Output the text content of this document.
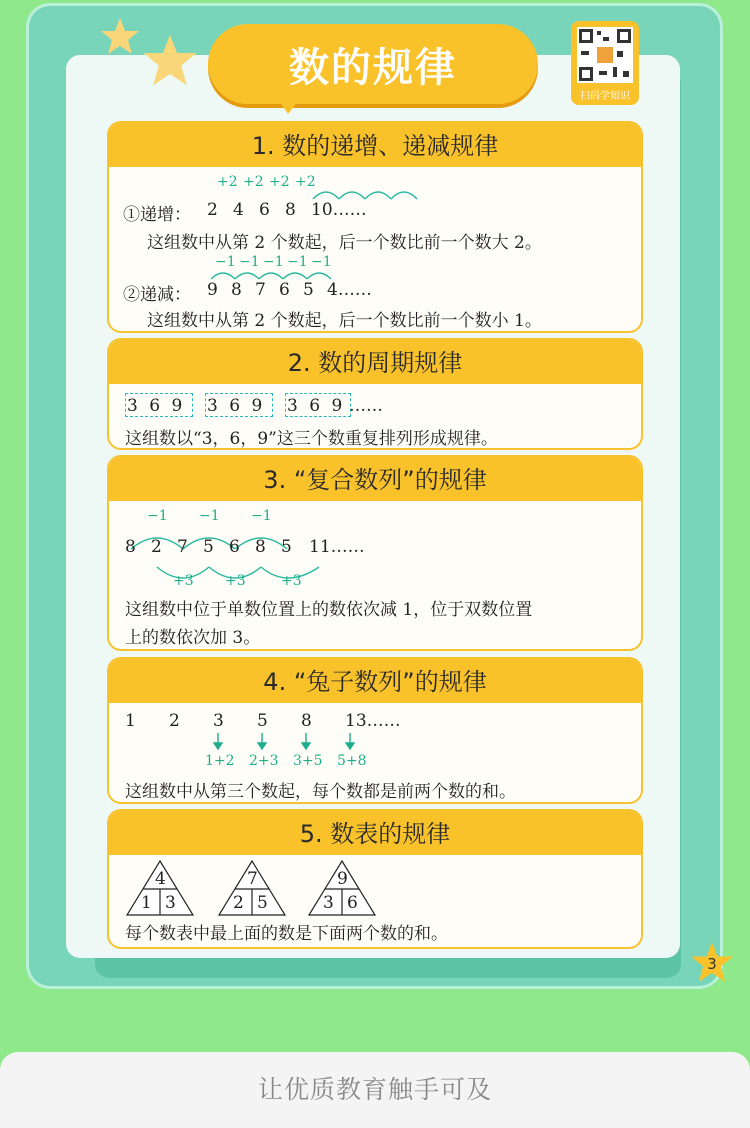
数的规律
扫码学知识
1. 数的递增、递减规律
+2 +2 +2 +2
①递增： 2 4 6 8 10……
这组数中从第 2 个数起，后一个数比前一个数大 2。
−1 −1 −1 −1 −1
②递减： 9 8 7 6 5 4……
这组数中从第 2 个数起，后一个数比前一个数小 1。
2. 数的周期规律
3 6 9 3 6 9 3 6 9 ……
这组数以“3，6，9”这三个数重复排列形成规律。
3. “复合数列”的规律
−1 −1 −1
8 2 7 5 6 8 5 11……
+3 +3	+3
这组数中位于单数位置上的数依次减 1，位于双数位置
上的数依次加 3。
4. “兔子数列”的规律
1 2 3 5 8 13……
1+2 2+3 3+5 5+8
这组数中从第三个数起，每个数都是前两个数的和。
5. 数表的规律
4
1 3
7
2 5
9
3 6
每个数表中最上面的数是下面两个数的和。
3
让优质教育触手可及
